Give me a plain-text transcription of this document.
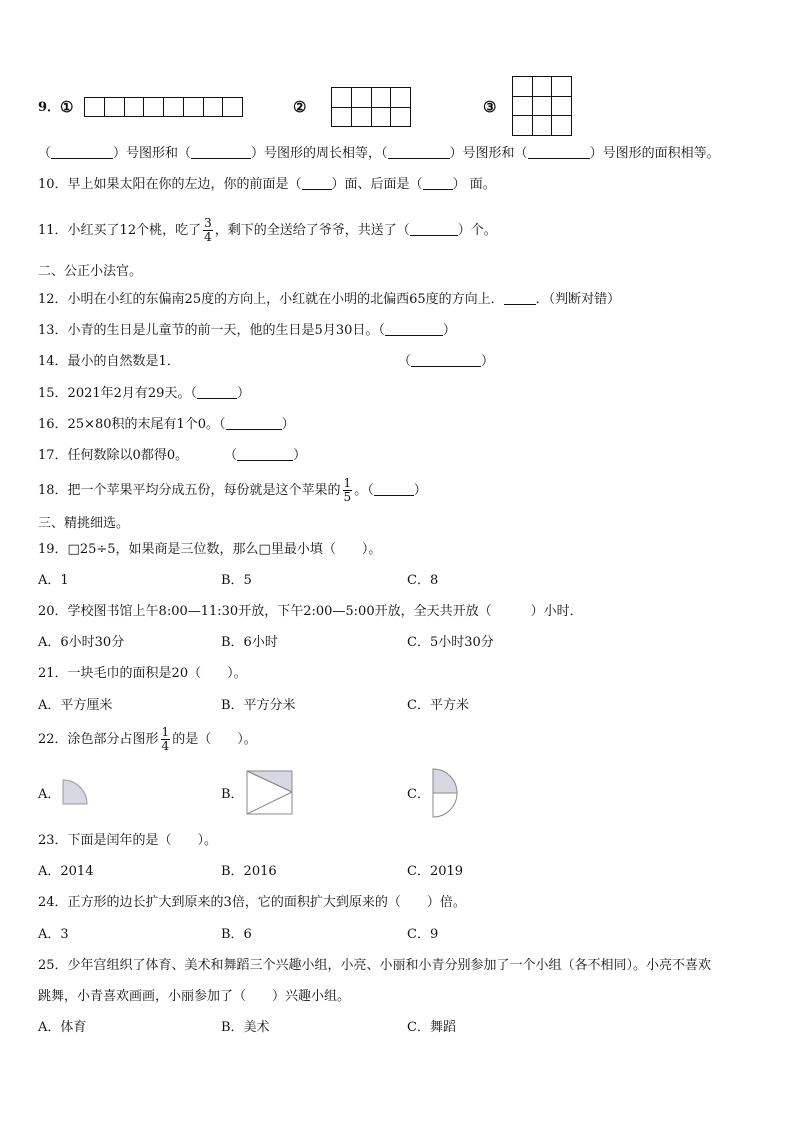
9． ①	②	③
（	）号图形和（	）号图形的周长相等，（	）号图形和（	）号图形的面积相等。
10．早上如果太阳在你的左边，你的前面是（ ）面、后面是（ ） 面。
11．小红买了12个桃，吃了 $\frac{3}{4}$ ，剩下的全送给了爷爷，共送了（	）个。
二、公正小法官。
12．小明在小红的东偏南25度的方向上，小红就在小明的北偏西65度的方向上． ．（判断对错）
13．小青的生日是儿童节的前一天，他的生日是5月30日。（	）
14．最小的自然数是1．	（	）
15．2021年2月有29天。（	）
16．25×80积的末尾有1个0。（	）
17．任何数除以0都得0。	（	）
18．把一个苹果平均分成五份，每份就是这个苹果的 $\frac{1}{5}$ 。（	）
三、精挑细选。
19．□25÷5，如果商是三位数，那么□里最小填（　　）。
A．1	B．5	C．8
20．学校图书馆上午8:00—11:30开放，下午2:00—5:00开放，全天共开放（　　　）小时．
A．6小时30分	B．6小时	C．5小时30分
21．一块毛巾的面积是20（　　）。
A．平方厘米	B．平方分米	C．平方米
22．涂色部分占图形 $\frac{1}{4}$ 的是（　　）。
A．	B．	C．
23．下面是闰年的是（　　）。
A．2014	B．2016	C．2019
24．正方形的边长扩大到原来的3倍，它的面积扩大到原来的（　　）倍。
A．3	B．6	C．9
25．少年宫组织了体育、美术和舞蹈三个兴趣小组，小亮、小丽和小青分别参加了一个小组（各不相同）。小亮不喜欢
跳舞，小青喜欢画画，小丽参加了（　　）兴趣小组。
A．体育	B．美术	C．舞蹈
